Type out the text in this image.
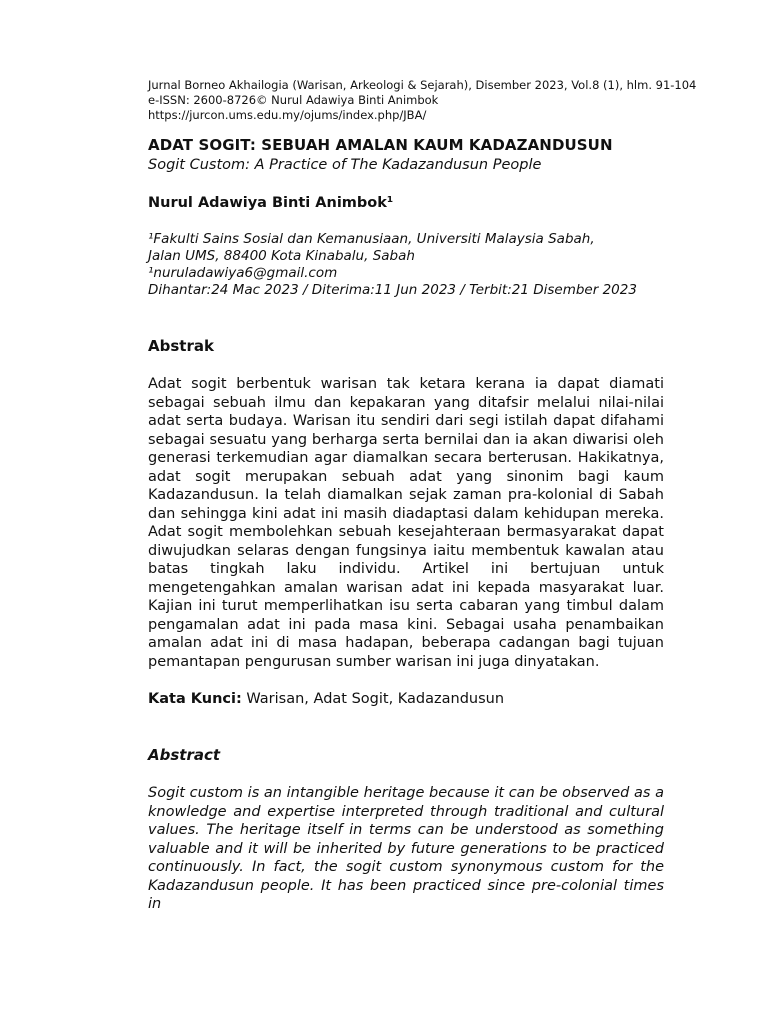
Jurnal Borneo Akhailogia (Warisan, Arkeologi & Sejarah), Disember 2023, Vol.8 (1), hlm. 91-104
e-ISSN: 2600-8726© Nurul Adawiya Binti Animbok
https://jurcon.ums.edu.my/ojums/index.php/JBA/
ADAT SOGIT: SEBUAH AMALAN KAUM KADAZANDUSUN
Sogit Custom: A Practice of The Kadazandusun People
Nurul Adawiya Binti Animbok¹
¹Fakulti Sains Sosial dan Kemanusiaan, Universiti Malaysia Sabah,
Jalan UMS, 88400 Kota Kinabalu, Sabah
¹nuruladawiya6@gmail.com
Dihantar:24 Mac 2023 / Diterima:11 Jun 2023 / Terbit:21 Disember 2023
Abstrak
Adat sogit berbentuk warisan tak ketara kerana ia dapat diamati sebagai sebuah ilmu dan kepakaran yang ditafsir melalui nilai-nilai adat serta budaya. Warisan itu sendiri dari segi istilah dapat difahami sebagai sesuatu yang berharga serta bernilai dan ia akan diwarisi oleh generasi terkemudian agar diamalkan secara berterusan. Hakikatnya, adat sogit merupakan sebuah adat yang sinonim bagi kaum Kadazandusun. Ia telah diamalkan sejak zaman pra-kolonial di Sabah dan sehingga kini adat ini masih diadaptasi dalam kehidupan mereka. Adat sogit membolehkan sebuah kesejahteraan bermasyarakat dapat diwujudkan selaras dengan fungsinya iaitu membentuk kawalan atau batas tingkah laku individu. Artikel ini bertujuan untuk mengetengahkan amalan warisan adat ini kepada masyarakat luar. Kajian ini turut memperlihatkan isu serta cabaran yang timbul dalam pengamalan adat ini pada masa kini. Sebagai usaha penambaikan amalan adat ini di masa hadapan, beberapa cadangan bagi tujuan pemantapan pengurusan sumber warisan ini juga dinyatakan.
Kata Kunci: Warisan, Adat Sogit, Kadazandusun
Abstract
Sogit custom is an intangible heritage because it can be observed as a knowledge and expertise interpreted through traditional and cultural values. The heritage itself in terms can be understood as something valuable and it will be inherited by future generations to be practiced continuously. In fact, the sogit custom synonymous custom for the Kadazandusun people. It has been practiced since pre-colonial times in
